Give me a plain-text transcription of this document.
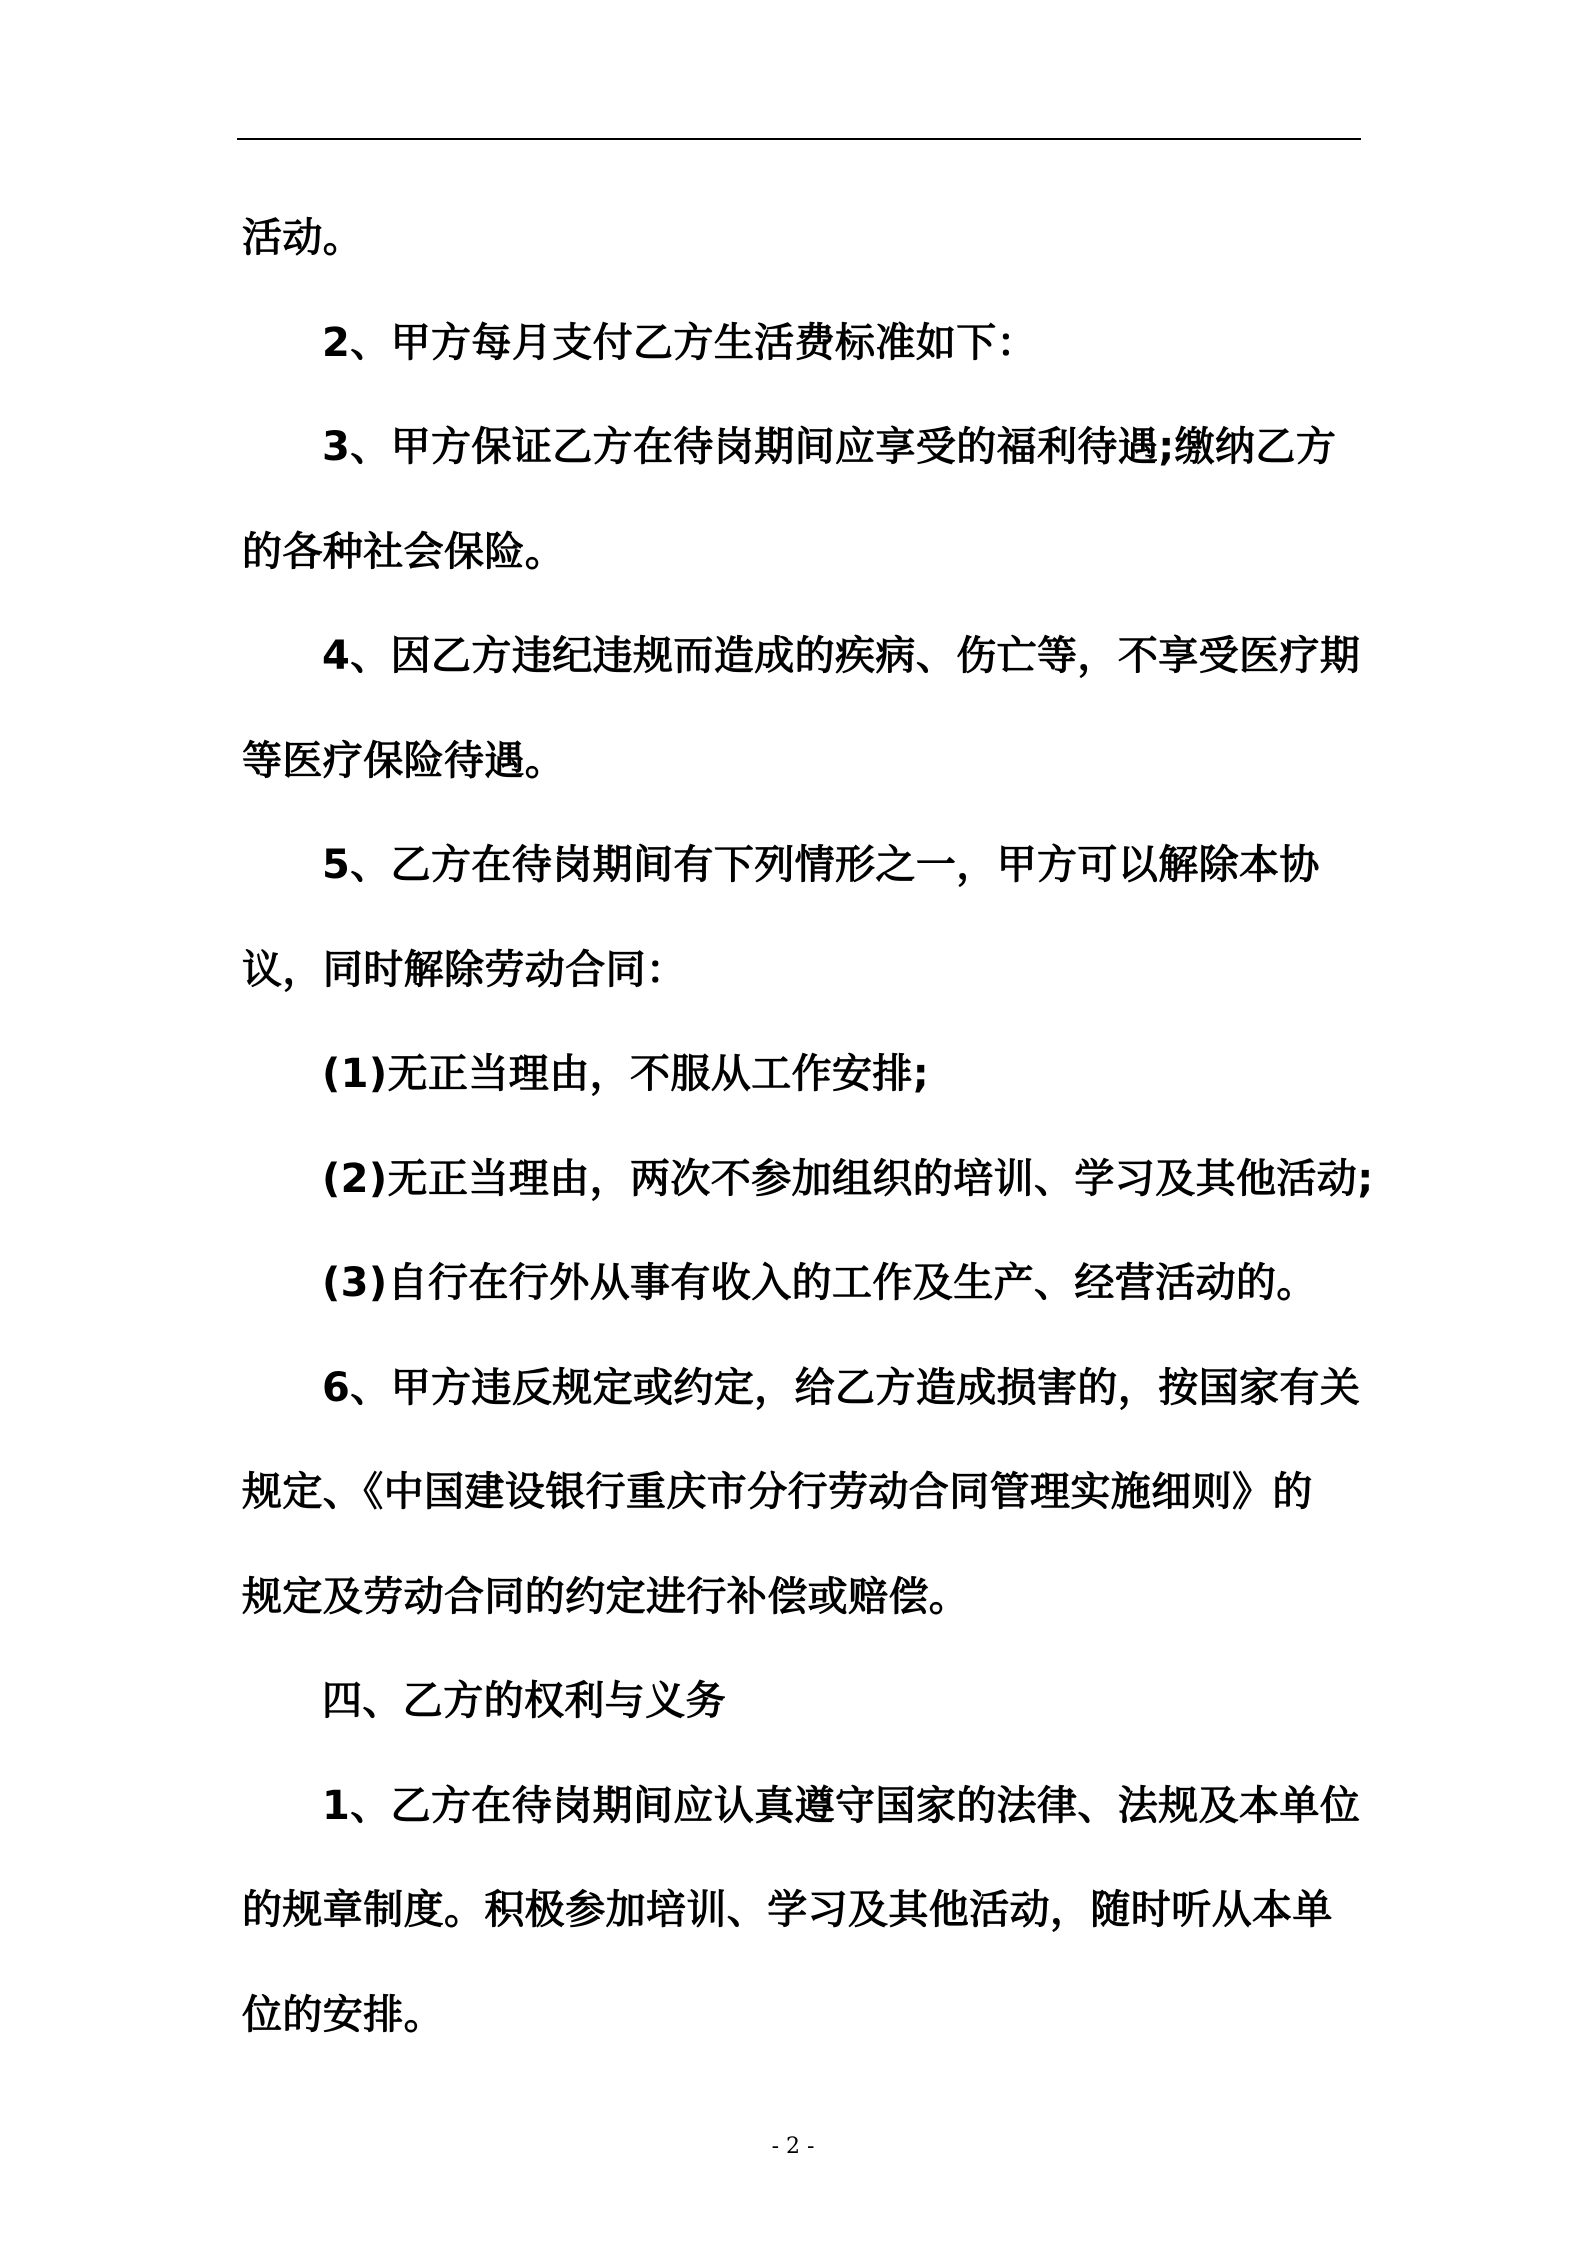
活动。
2、甲方每月支付乙方生活费标准如下：
3、甲方保证乙方在待岗期间应享受的福利待遇;缴纳乙方
的各种社会保险。
4、因乙方违纪违规而造成的疾病、伤亡等，不享受医疗期
等医疗保险待遇。
5、乙方在待岗期间有下列情形之一，甲方可以解除本协
议，同时解除劳动合同：
(1)无正当理由，不服从工作安排;
(2)无正当理由，两次不参加组织的培训、学习及其他活动;
(3)自行在行外从事有收入的工作及生产、经营活动的。
6、甲方违反规定或约定，给乙方造成损害的，按国家有关
规定、《中国建设银行重庆市分行劳动合同管理实施细则》的
规定及劳动合同的约定进行补偿或赔偿。
四、乙方的权利与义务
1、乙方在待岗期间应认真遵守国家的法律、法规及本单位
的规章制度。积极参加培训、学习及其他活动，随时听从本单
位的安排。
- 2 -
